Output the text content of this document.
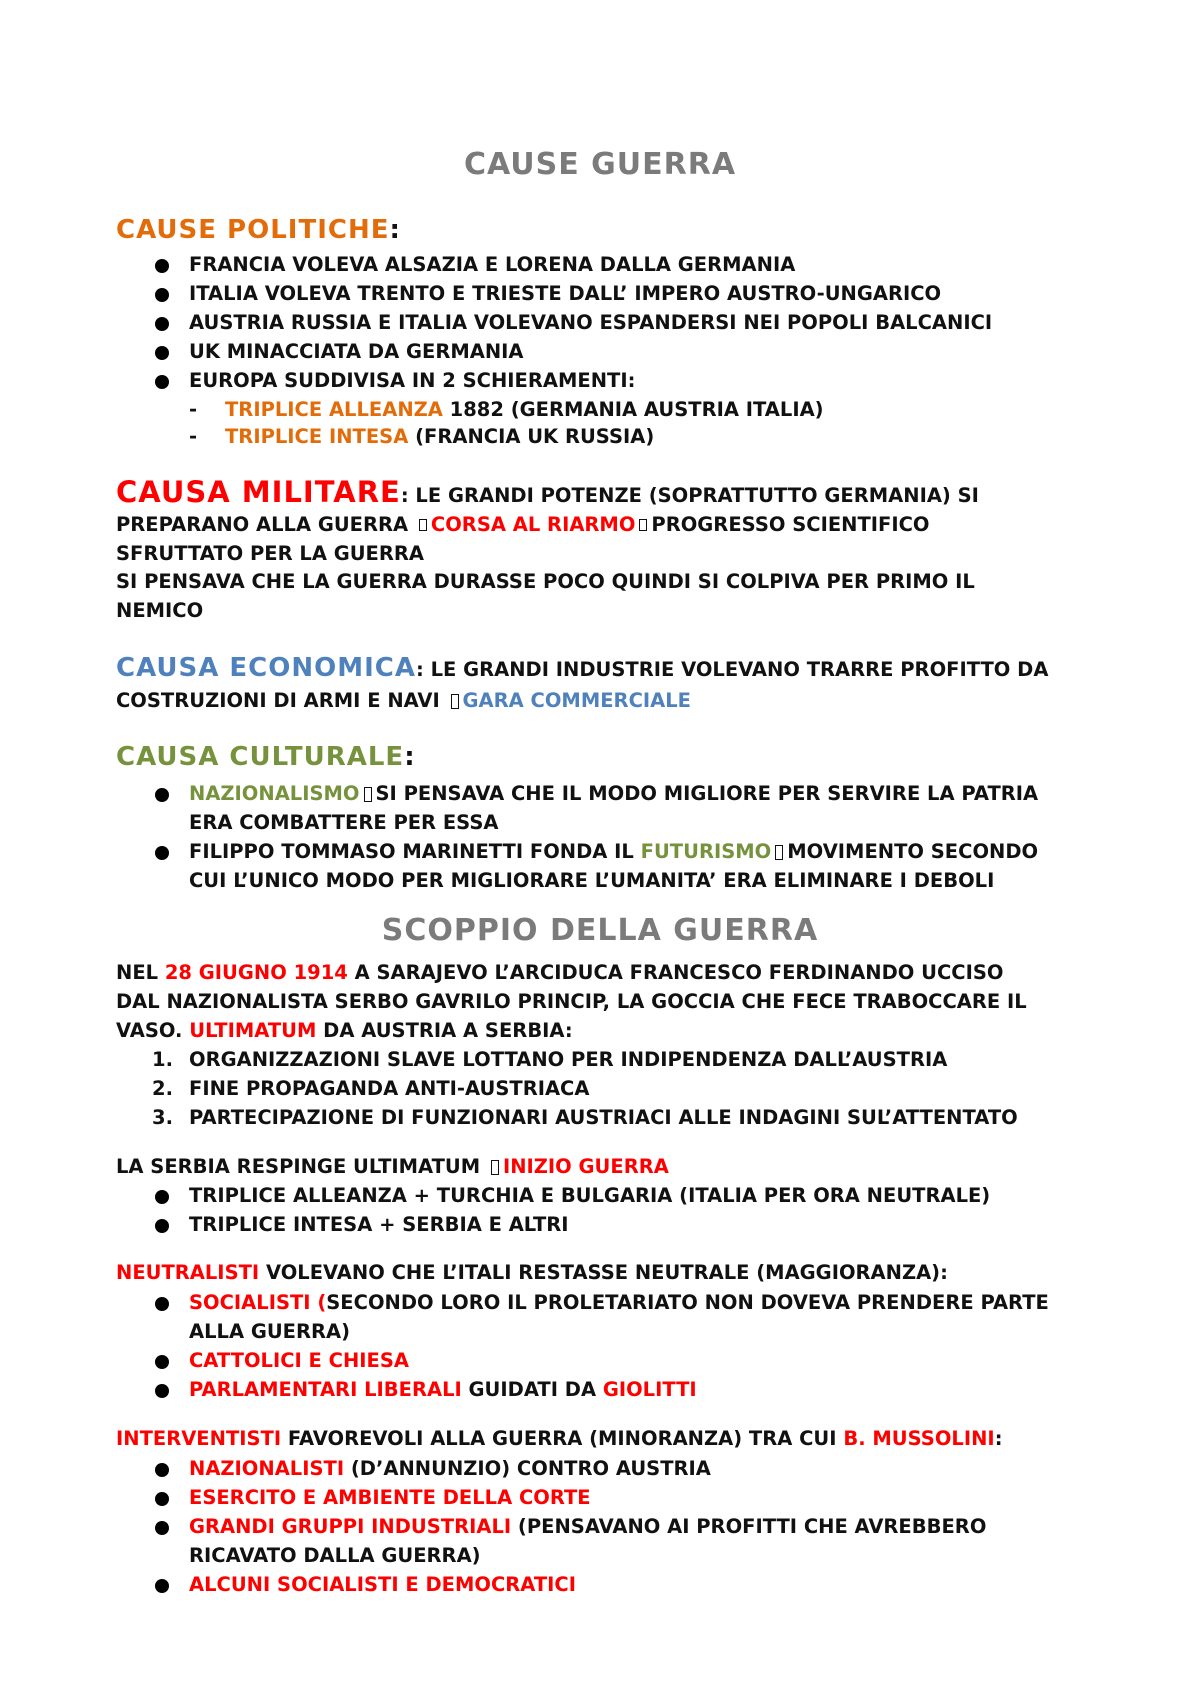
CAUSE GUERRA
CAUSE POLITICHE:
FRANCIA VOLEVA ALSAZIA E LORENA DALLA GERMANIA
ITALIA VOLEVA TRENTO E TRIESTE DALL’ IMPERO AUSTRO-UNGARICO
AUSTRIA RUSSIA E ITALIA VOLEVANO ESPANDERSI NEI POPOLI BALCANICI
UK MINACCIATA DA GERMANIA
EUROPA SUDDIVISA IN 2 SCHIERAMENTI:
- TRIPLICE ALLEANZA 1882 (GERMANIA AUSTRIA ITALIA)
- TRIPLICE INTESA (FRANCIA UK RUSSIA)
CAUSA MILITARE: LE GRANDI POTENZE (SOPRATTUTTO GERMANIA) SI
PREPARANO ALLA GUERRA CORSA AL RIARMO PROGRESSO SCIENTIFICO
SFRUTTATO PER LA GUERRA
SI PENSAVA CHE LA GUERRA DURASSE POCO QUINDI SI COLPIVA PER PRIMO IL
NEMICO
CAUSA ECONOMICA: LE GRANDI INDUSTRIE VOLEVANO TRARRE PROFITTO DA
COSTRUZIONI DI ARMI E NAVI GARA COMMERCIALE
CAUSA CULTURALE:
NAZIONALISMO SI PENSAVA CHE IL MODO MIGLIORE PER SERVIRE LA PATRIA
ERA COMBATTERE PER ESSA
FILIPPO TOMMASO MARINETTI FONDA IL FUTURISMO MOVIMENTO SECONDO
CUI L’UNICO MODO PER MIGLIORARE L’UMANITA’ ERA ELIMINARE I DEBOLI
SCOPPIO DELLA GUERRA
NEL 28 GIUGNO 1914 A SARAJEVO L’ARCIDUCA FRANCESCO FERDINANDO UCCISO
DAL NAZIONALISTA SERBO GAVRILO PRINCIP, LA GOCCIA CHE FECE TRABOCCARE IL
VASO. ULTIMATUM DA AUSTRIA A SERBIA:
1. ORGANIZZAZIONI SLAVE LOTTANO PER INDIPENDENZA DALL’AUSTRIA
2. FINE PROPAGANDA ANTI-AUSTRIACA
3. PARTECIPAZIONE DI FUNZIONARI AUSTRIACI ALLE INDAGINI SUL’ATTENTATO
LA SERBIA RESPINGE ULTIMATUM INIZIO GUERRA
TRIPLICE ALLEANZA + TURCHIA E BULGARIA (ITALIA PER ORA NEUTRALE)
TRIPLICE INTESA + SERBIA E ALTRI
NEUTRALISTI VOLEVANO CHE L’ITALI RESTASSE NEUTRALE (MAGGIORANZA):
SOCIALISTI (SECONDO LORO IL PROLETARIATO NON DOVEVA PRENDERE PARTE
ALLA GUERRA)
CATTOLICI E CHIESA
PARLAMENTARI LIBERALI GUIDATI DA GIOLITTI
INTERVENTISTI FAVOREVOLI ALLA GUERRA (MINORANZA) TRA CUI B. MUSSOLINI:
NAZIONALISTI (D’ANNUNZIO) CONTRO AUSTRIA
ESERCITO E AMBIENTE DELLA CORTE
GRANDI GRUPPI INDUSTRIALI (PENSAVANO AI PROFITTI CHE AVREBBERO
RICAVATO DALLA GUERRA)
ALCUNI SOCIALISTI E DEMOCRATICI
